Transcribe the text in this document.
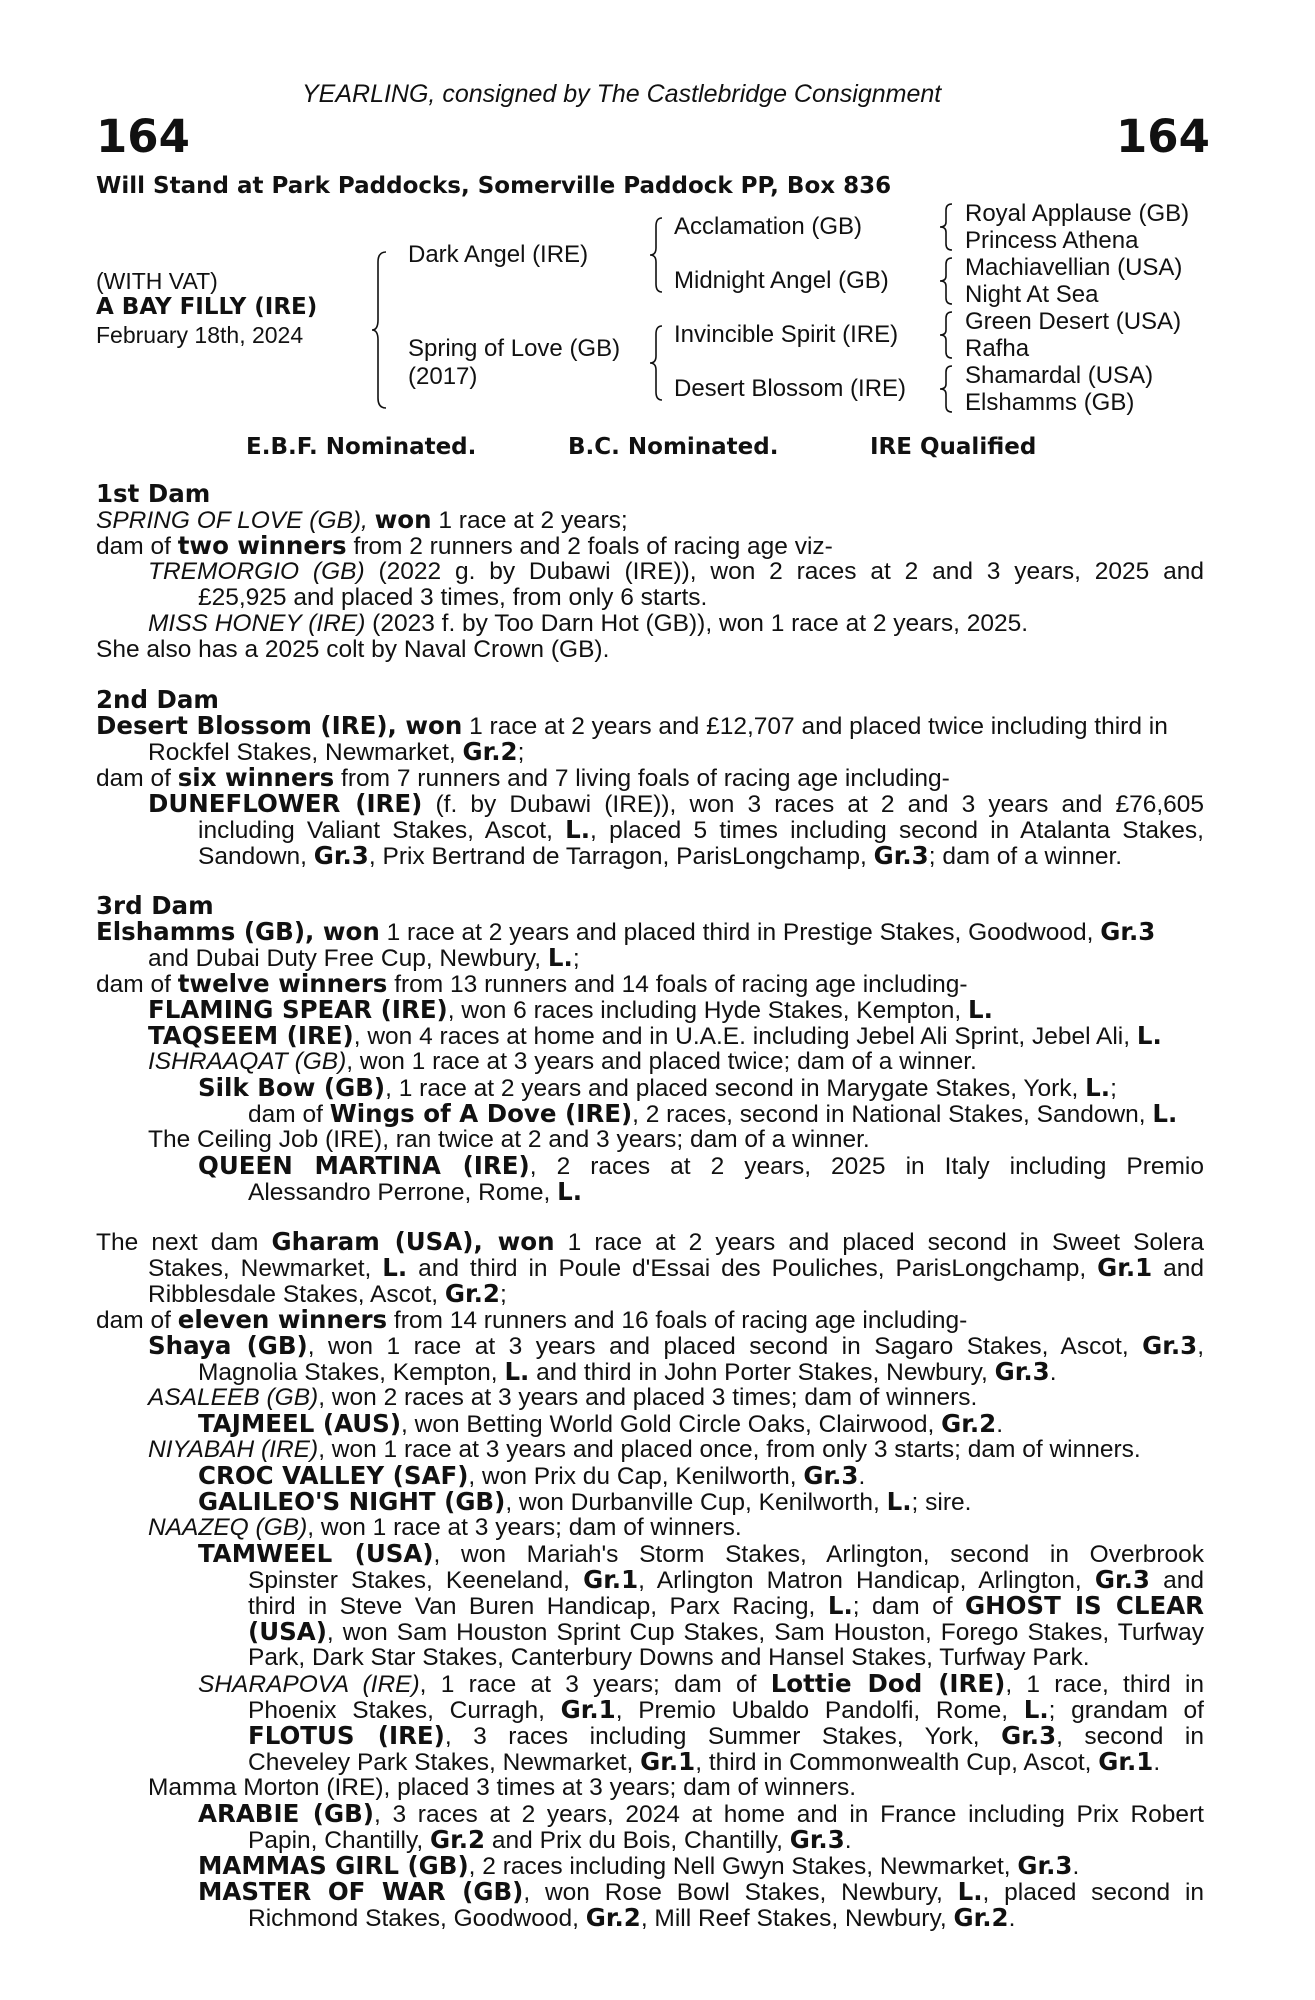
YEARLING, consigned by The Castlebridge Consignment
164	164
Will Stand at Park Paddocks, Somerville Paddock PP, Box 836
(WITH VAT)
A BAY FILLY (IRE)
February 18th, 2024
Dark Angel (IRE)
Spring of Love (GB)
(2017)
Acclamation (GB)
Midnight Angel (GB)
Invincible Spirit (IRE)
Desert Blossom (IRE)
Royal Applause (GB)
Princess Athena
Machiavellian (USA)
Night At Sea
Green Desert (USA)
Rafha
Shamardal (USA)
Elshamms (GB)
E.B.F. Nominated.	B.C. Nominated.	IRE Qualified
1st Dam
SPRING OF LOVE (GB), won 1 race at 2 years;
dam of two winners from 2 runners and 2 foals of racing age viz-
TREMORGIO (GB) (2022 g. by Dubawi (IRE)), won 2 races at 2 and 3 years, 2025 and
£25,925 and placed 3 times, from only 6 starts.
MISS HONEY (IRE) (2023 f. by Too Darn Hot (GB)), won 1 race at 2 years, 2025.
She also has a 2025 colt by Naval Crown (GB).
2nd Dam
Desert Blossom (IRE), won 1 race at 2 years and £12,707 and placed twice including third in
Rockfel Stakes, Newmarket, Gr.2;
dam of six winners from 7 runners and 7 living foals of racing age including-
DUNEFLOWER (IRE) (f. by Dubawi (IRE)), won 3 races at 2 and 3 years and £76,605
including Valiant Stakes, Ascot, L., placed 5 times including second in Atalanta Stakes,
Sandown, Gr.3, Prix Bertrand de Tarragon, ParisLongchamp, Gr.3; dam of a winner.
3rd Dam
Elshamms (GB), won 1 race at 2 years and placed third in Prestige Stakes, Goodwood, Gr.3
and Dubai Duty Free Cup, Newbury, L.;
dam of twelve winners from 13 runners and 14 foals of racing age including-
FLAMING SPEAR (IRE), won 6 races including Hyde Stakes, Kempton, L.
TAQSEEM (IRE), won 4 races at home and in U.A.E. including Jebel Ali Sprint, Jebel Ali, L.
ISHRAAQAT (GB), won 1 race at 3 years and placed twice; dam of a winner.
Silk Bow (GB), 1 race at 2 years and placed second in Marygate Stakes, York, L.;
dam of Wings of A Dove (IRE), 2 races, second in National Stakes, Sandown, L.
The Ceiling Job (IRE), ran twice at 2 and 3 years; dam of a winner.
QUEEN MARTINA (IRE), 2 races at 2 years, 2025 in Italy including Premio
Alessandro Perrone, Rome, L.
The next dam Gharam (USA), won 1 race at 2 years and placed second in Sweet Solera
Stakes, Newmarket, L. and third in Poule d'Essai des Pouliches, ParisLongchamp, Gr.1 and
Ribblesdale Stakes, Ascot, Gr.2;
dam of eleven winners from 14 runners and 16 foals of racing age including-
Shaya (GB), won 1 race at 3 years and placed second in Sagaro Stakes, Ascot, Gr.3,
Magnolia Stakes, Kempton, L. and third in John Porter Stakes, Newbury, Gr.3.
ASALEEB (GB), won 2 races at 3 years and placed 3 times; dam of winners.
TAJMEEL (AUS), won Betting World Gold Circle Oaks, Clairwood, Gr.2.
NIYABAH (IRE), won 1 race at 3 years and placed once, from only 3 starts; dam of winners.
CROC VALLEY (SAF), won Prix du Cap, Kenilworth, Gr.3.
GALILEO'S NIGHT (GB), won Durbanville Cup, Kenilworth, L.; sire.
NAAZEQ (GB), won 1 race at 3 years; dam of winners.
TAMWEEL (USA), won Mariah's Storm Stakes, Arlington, second in Overbrook
Spinster Stakes, Keeneland, Gr.1, Arlington Matron Handicap, Arlington, Gr.3 and
third in Steve Van Buren Handicap, Parx Racing, L.; dam of GHOST IS CLEAR
(USA), won Sam Houston Sprint Cup Stakes, Sam Houston, Forego Stakes, Turfway
Park, Dark Star Stakes, Canterbury Downs and Hansel Stakes, Turfway Park.
SHARAPOVA (IRE), 1 race at 3 years; dam of Lottie Dod (IRE), 1 race, third in
Phoenix Stakes, Curragh, Gr.1, Premio Ubaldo Pandolfi, Rome, L.; grandam of
FLOTUS (IRE), 3 races including Summer Stakes, York, Gr.3, second in
Cheveley Park Stakes, Newmarket, Gr.1, third in Commonwealth Cup, Ascot, Gr.1.
Mamma Morton (IRE), placed 3 times at 3 years; dam of winners.
ARABIE (GB), 3 races at 2 years, 2024 at home and in France including Prix Robert
Papin, Chantilly, Gr.2 and Prix du Bois, Chantilly, Gr.3.
MAMMAS GIRL (GB), 2 races including Nell Gwyn Stakes, Newmarket, Gr.3.
MASTER OF WAR (GB), won Rose Bowl Stakes, Newbury, L., placed second in
Richmond Stakes, Goodwood, Gr.2, Mill Reef Stakes, Newbury, Gr.2.
